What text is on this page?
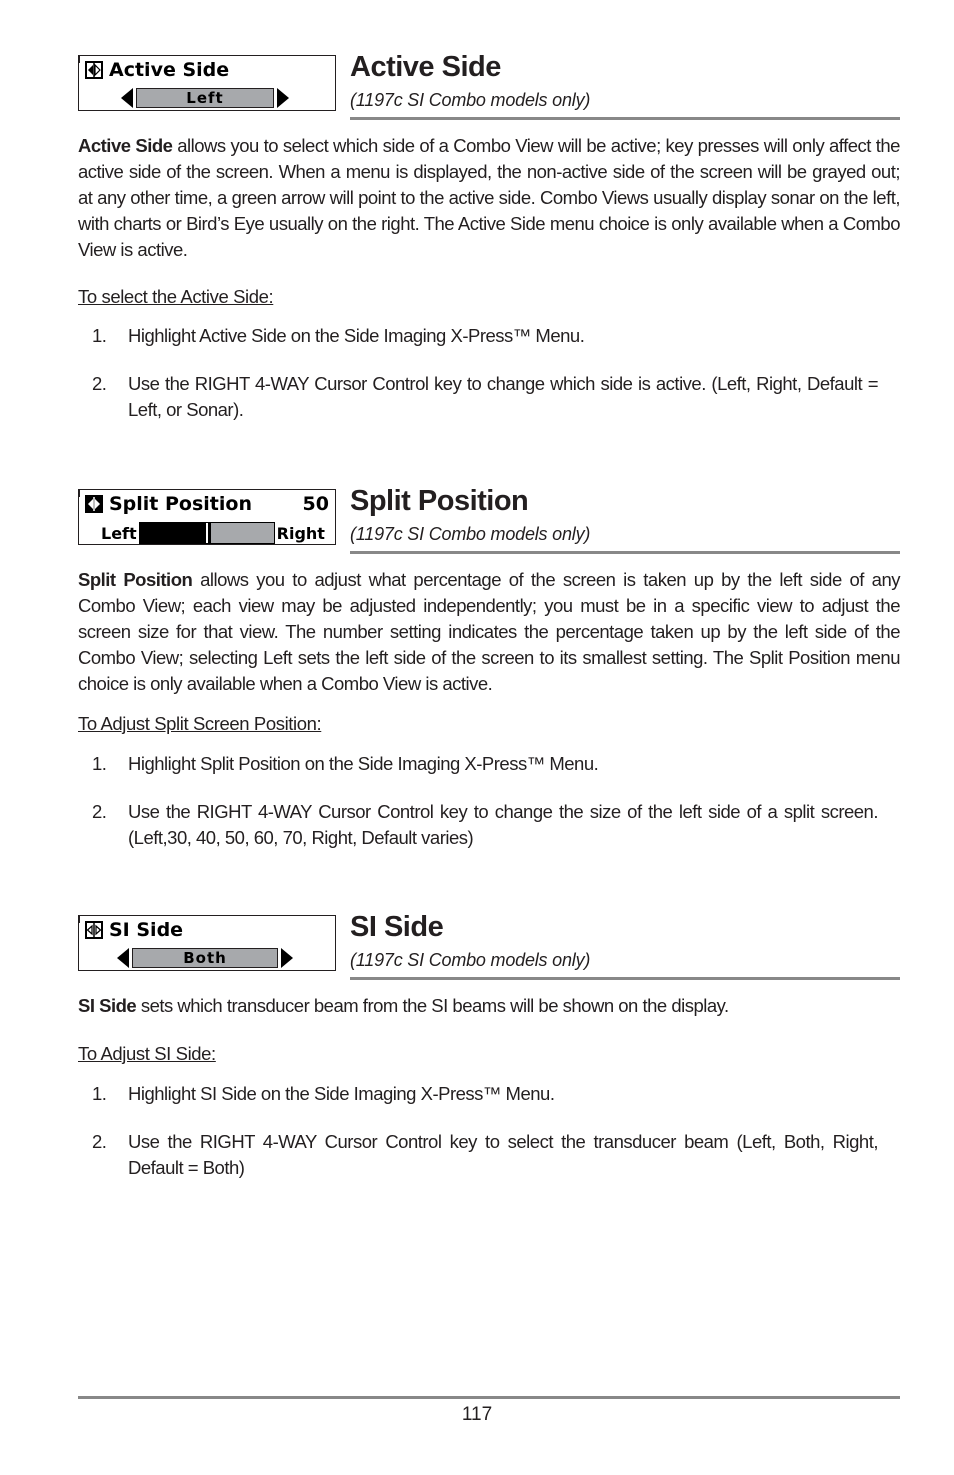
Active Side
Left
Active Side
(1197c SI Combo models only)

Active Side allows you to select which side of a Combo View will be active; key presses will only affect the active side of the screen. When a menu is displayed, the non-active side of the screen will be grayed out; at any other time, a green arrow will point to the active side. Combo Views usually display sonar on the left, with charts or Bird’s Eye usually on the right. The Active Side menu choice is only available when a Combo View is active.

To select the Active Side:

1. Highlight Active Side on the Side Imaging X-Press™ Menu.
2. Use the RIGHT 4-WAY Cursor Control key to change which side is active. (Left, Right, Default = Left, or Sonar).
Split Position	50
Left	Right
Split Position
(1197c SI Combo models only)

Split Position allows you to adjust what percentage of the screen is taken up by the left side of any Combo View; each view may be adjusted independently; you must be in a specific view to adjust the screen size for that view. The number setting indicates the percentage taken up by the left side of the Combo View; selecting Left sets the left side of the screen to its smallest setting. The Split Position menu choice is only available when a Combo View is active.

To Adjust Split Screen Position:

1. Highlight Split Position on the Side Imaging X-Press™ Menu.
2. Use the RIGHT 4-WAY Cursor Control key to change the size of the left side of a split screen. (Left,30, 40, 50, 60, 70, Right, Default varies)
SI Side
Both
SI Side
(1197c SI Combo models only)

SI Side sets which transducer beam from the SI beams will be shown on the display.

To Adjust SI Side:

1. Highlight SI Side on the Side Imaging X-Press™ Menu.
2. Use the RIGHT 4-WAY Cursor Control key to select the transducer beam (Left, Both, Right, Default = Both)
117
